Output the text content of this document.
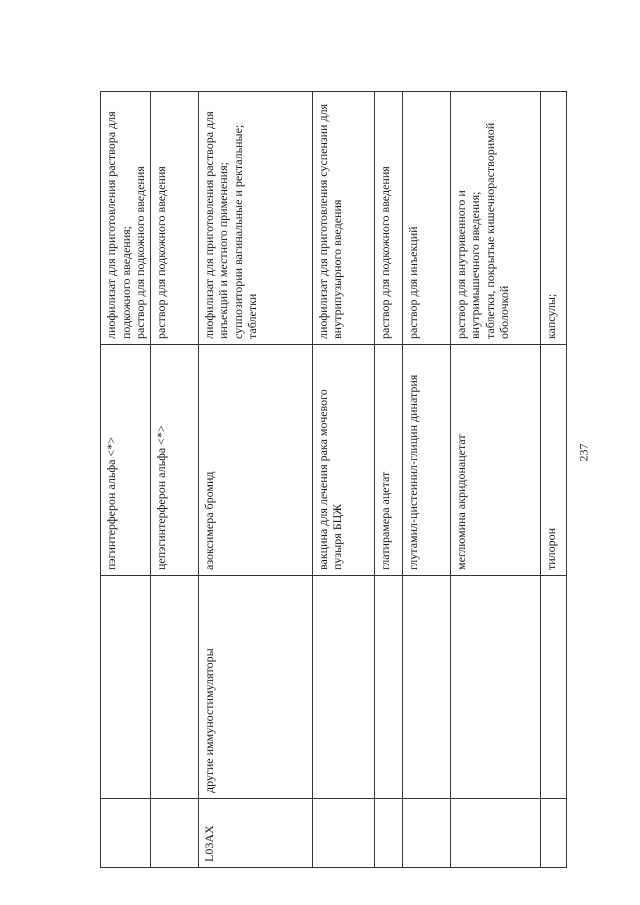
		пэгинтерферон альфа <*>	лиофилизат для приготовления раствора для подкожного введения; раствор для подкожного введения

		цепэгинтерферон альфа <*>	раствор для подкожного введения

L03AX	другие иммуностимуляторы	азоксимера бромид	лиофилизат для приготовления раствора для инъекций и местного применения; суппозитории вагинальные и ректальные; таблетки

		вакцина для лечения рака мочевого пузыря БЦЖ	лиофилизат для приготовления суспензии для внутрипузырного введения

		глатирамера ацетат	раствор для подкожного введения

		глутамил-цистеинил-глицин динатрия	раствор для инъекций

		меглюмина акридонацетат	раствор для внутривенного и внутримышечного введения; таблетки, покрытые кишечнорастворимой оболочкой

		тилорон	капсулы;
237
